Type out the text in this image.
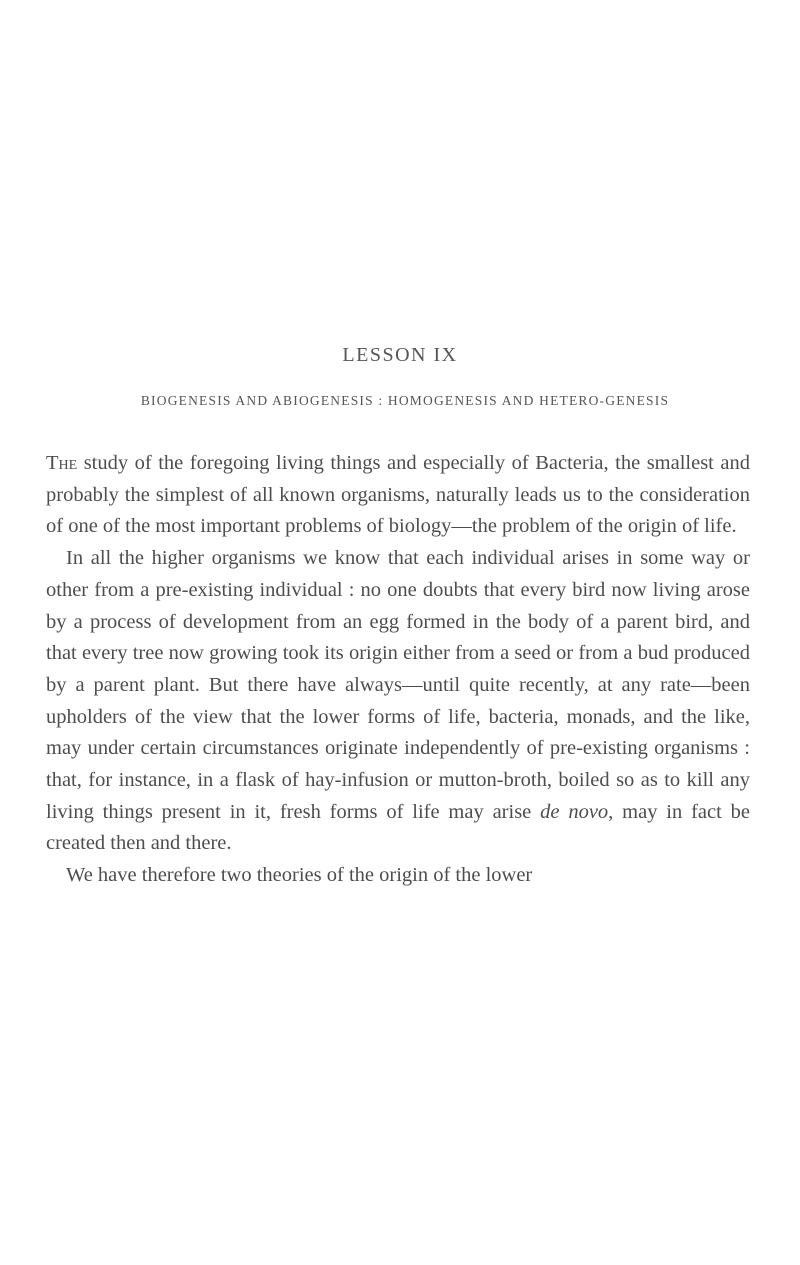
LESSON IX
BIOGENESIS AND ABIOGENESIS : HOMOGENESIS AND HETERO-GENESIS

The study of the foregoing living things and especially of Bacteria, the smallest and probably the simplest of all known organisms, naturally leads us to the consideration of one of the most important problems of biology—the problem of the origin of life.

In all the higher organisms we know that each individual arises in some way or other from a pre-existing individual : no one doubts that every bird now living arose by a process of development from an egg formed in the body of a parent bird, and that every tree now growing took its origin either from a seed or from a bud produced by a parent plant. But there have always—until quite recently, at any rate—been upholders of the view that the lower forms of life, bacteria, monads, and the like, may under certain circumstances originate independently of pre-existing organisms : that, for instance, in a flask of hay-infusion or mutton-broth, boiled so as to kill any living things present in it, fresh forms of life may arise de novo, may in fact be created then and there.

We have therefore two theories of the origin of the lower
